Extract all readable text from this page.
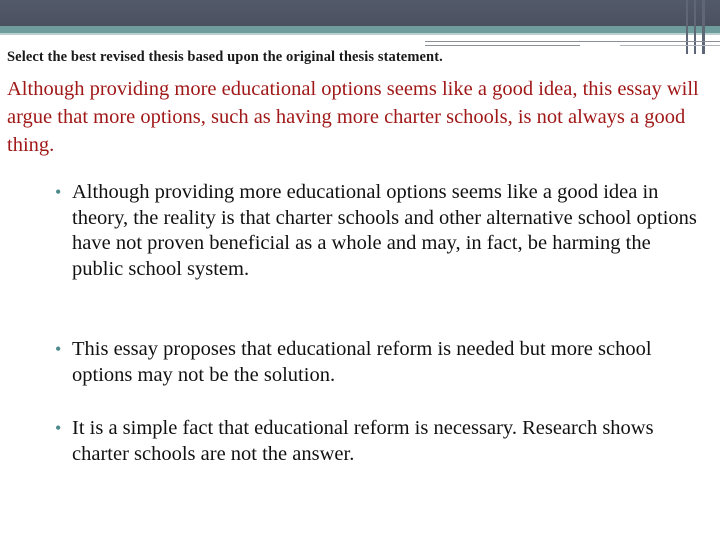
Select the best revised thesis based upon the original thesis statement.
Although providing more educational options seems like a good idea, this essay will argue that more options, such as having more charter schools, is not always a good thing.
• Although providing more educational options seems like a good idea in theory, the reality is that charter schools and other alternative school options have not proven beneficial as a whole and may, in fact, be harming the public school system.
• This essay proposes that educational reform is needed but more school options may not be the solution.
• It is a simple fact that educational reform is necessary. Research shows charter schools are not the answer.
